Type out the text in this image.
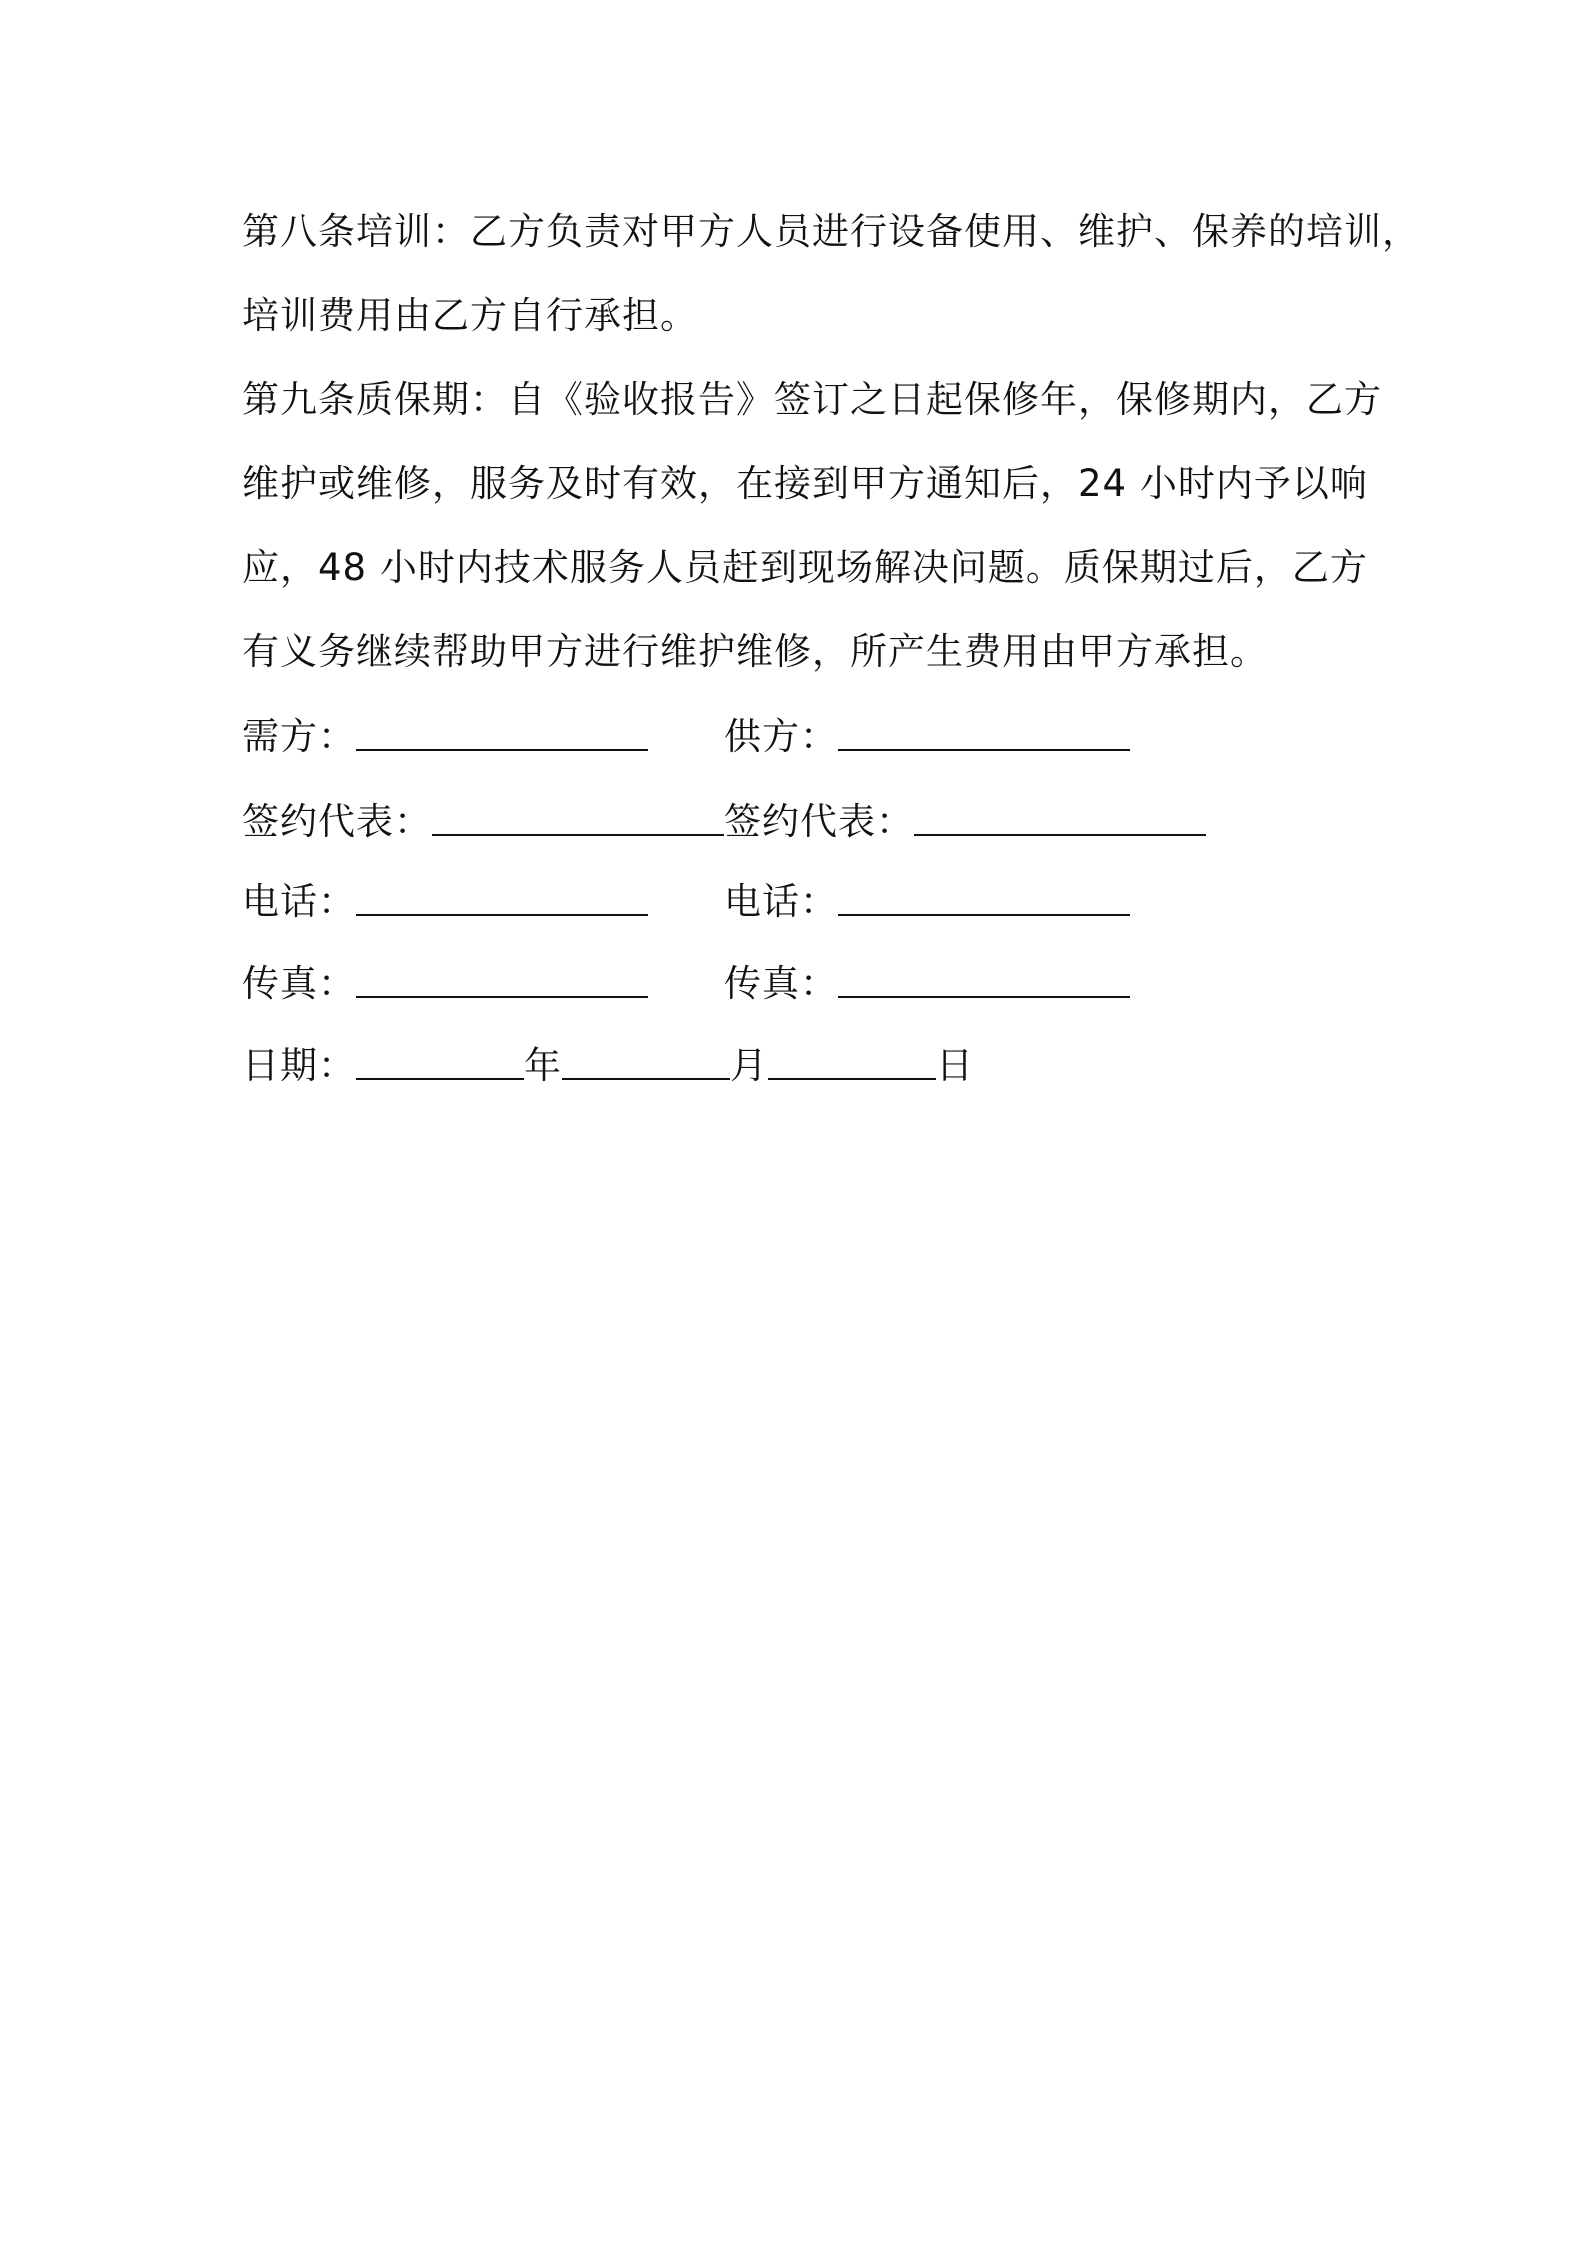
第八条培训：乙方负责对甲方人员进行设备使用、维护、保养的培训，
培训费用由乙方自行承担。
第九条质保期：自《验收报告》签订之日起保修年，保修期内，乙方
维护或维修，服务及时有效，在接到甲方通知后，24 小时内予以响
应，48 小时内技术服务人员赶到现场解决问题。质保期过后，乙方
有义务继续帮助甲方进行维护维修，所产生费用由甲方承担。
需方：	供方：
签约代表：	签约代表：
电话：	电话：
传真：	传真：
日期：	年	月	日
